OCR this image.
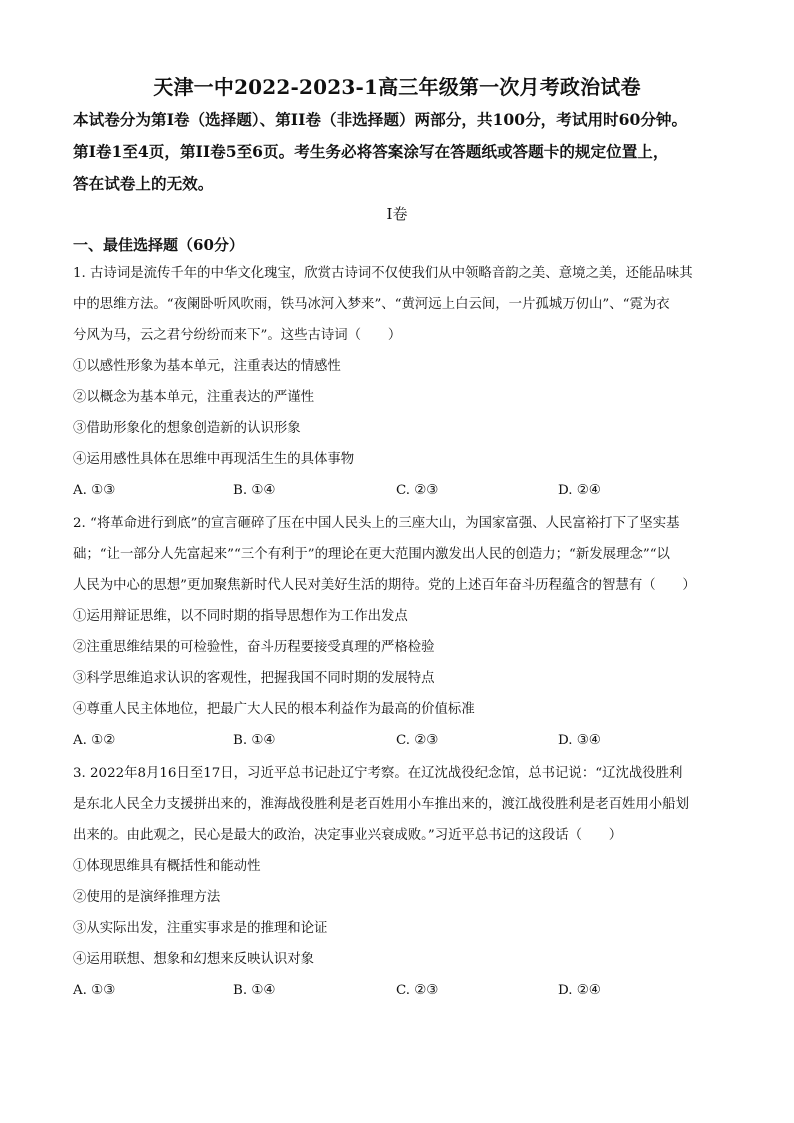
天津一中2022-2023-1高三年级第一次月考政治试卷
本试卷分为第I卷（选择题）、第II卷（非选择题）两部分，共100分，考试用时60分钟。
第I卷1至4页，第II卷5至6页。考生务必将答案涂写在答题纸或答题卡的规定位置上，
答在试卷上的无效。
I卷
一、最佳选择题（60分）
1. 古诗词是流传千年的中华文化瑰宝，欣赏古诗词不仅使我们从中领略音韵之美、意境之美，还能品味其
中的思维方法。“夜阑卧听风吹雨，铁马冰河入梦来”、“黄河远上白云间，一片孤城万仞山”、“霓为衣
兮风为马，云之君兮纷纷而来下”。这些古诗词（　　）
①以感性形象为基本单元，注重表达的情感性
②以概念为基本单元，注重表达的严谨性
③借助形象化的想象创造新的认识形象
④运用感性具体在思维中再现活生生的具体事物
A. ①③	B. ①④	C. ②③	D. ②④
2. “将革命进行到底”的宣言砸碎了压在中国人民头上的三座大山，为国家富强、人民富裕打下了坚实基
础；“让一部分人先富起来”“三个有利于”的理论在更大范围内激发出人民的创造力；“新发展理念”“以
人民为中心的思想”更加聚焦新时代人民对美好生活的期待。党的上述百年奋斗历程蕴含的智慧有（　　）
①运用辩证思维，以不同时期的指导思想作为工作出发点
②注重思维结果的可检验性，奋斗历程要接受真理的严格检验
③科学思维追求认识的客观性，把握我国不同时期的发展特点
④尊重人民主体地位，把最广大人民的根本利益作为最高的价值标准
A. ①②	B. ①④	C. ②③	D. ③④
3. 2022年8月16日至17日，习近平总书记赴辽宁考察。在辽沈战役纪念馆，总书记说：“辽沈战役胜利
是东北人民全力支援拼出来的，淮海战役胜利是老百姓用小车推出来的，渡江战役胜利是老百姓用小船划
出来的。由此观之，民心是最大的政治，决定事业兴衰成败。”习近平总书记的这段话（　　）
①体现思维具有概括性和能动性
②使用的是演绎推理方法
③从实际出发，注重实事求是的推理和论证
④运用联想、想象和幻想来反映认识对象
A. ①③	B. ①④	C. ②③	D. ②④
